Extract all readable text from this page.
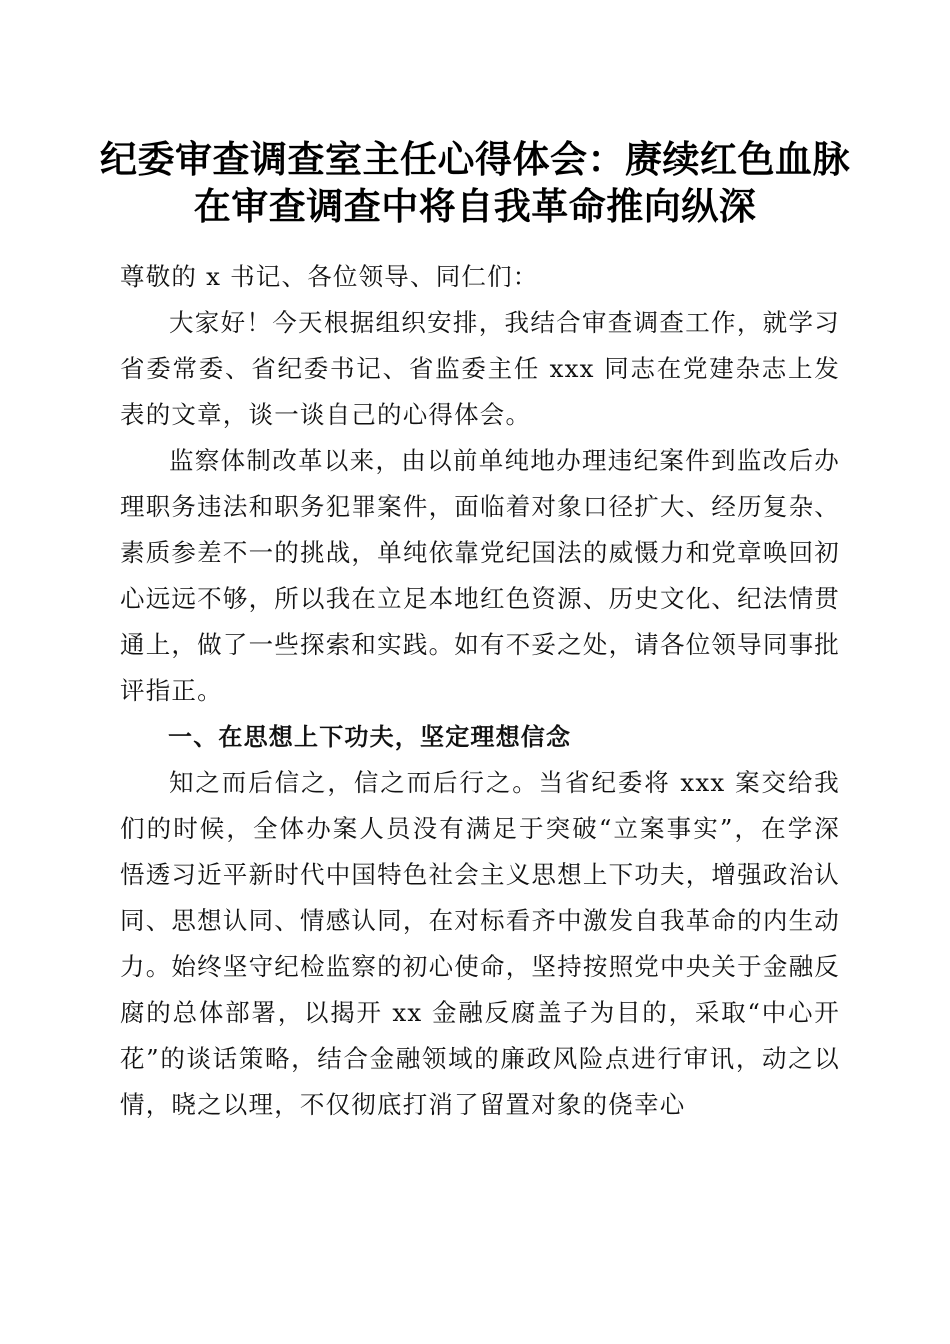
纪委审查调查室主任心得体会：赓续红色血脉
在审查调查中将自我革命推向纵深

尊敬的 x 书记、各位领导、同仁们：

大家好！今天根据组织安排，我结合审查调查工作，就学习省委常委、省纪委书记、省监委主任 xxx 同志在党建杂志上发表的文章，谈一谈自己的心得体会。

监察体制改革以来，由以前单纯地办理违纪案件到监改后办理职务违法和职务犯罪案件，面临着对象口径扩大、经历复杂、素质参差不一的挑战，单纯依靠党纪国法的威慑力和党章唤回初心远远不够，所以我在立足本地红色资源、历史文化、纪法情贯通上，做了一些探索和实践。如有不妥之处，请各位领导同事批评指正。

一、在思想上下功夫，坚定理想信念

知之而后信之，信之而后行之。当省纪委将 xxx 案交给我们的时候，全体办案人员没有满足于突破“立案事实”，在学深悟透习近平新时代中国特色社会主义思想上下功夫，增强政治认同、思想认同、情感认同，在对标看齐中激发自我革命的内生动力。始终坚守纪检监察的初心使命，坚持按照党中央关于金融反腐的总体部署，以揭开 xx 金融反腐盖子为目的，采取“中心开花”的谈话策略，结合金融领域的廉政风险点进行审讯，动之以情，晓之以理，不仅彻底打消了留置对象的侥幸心
